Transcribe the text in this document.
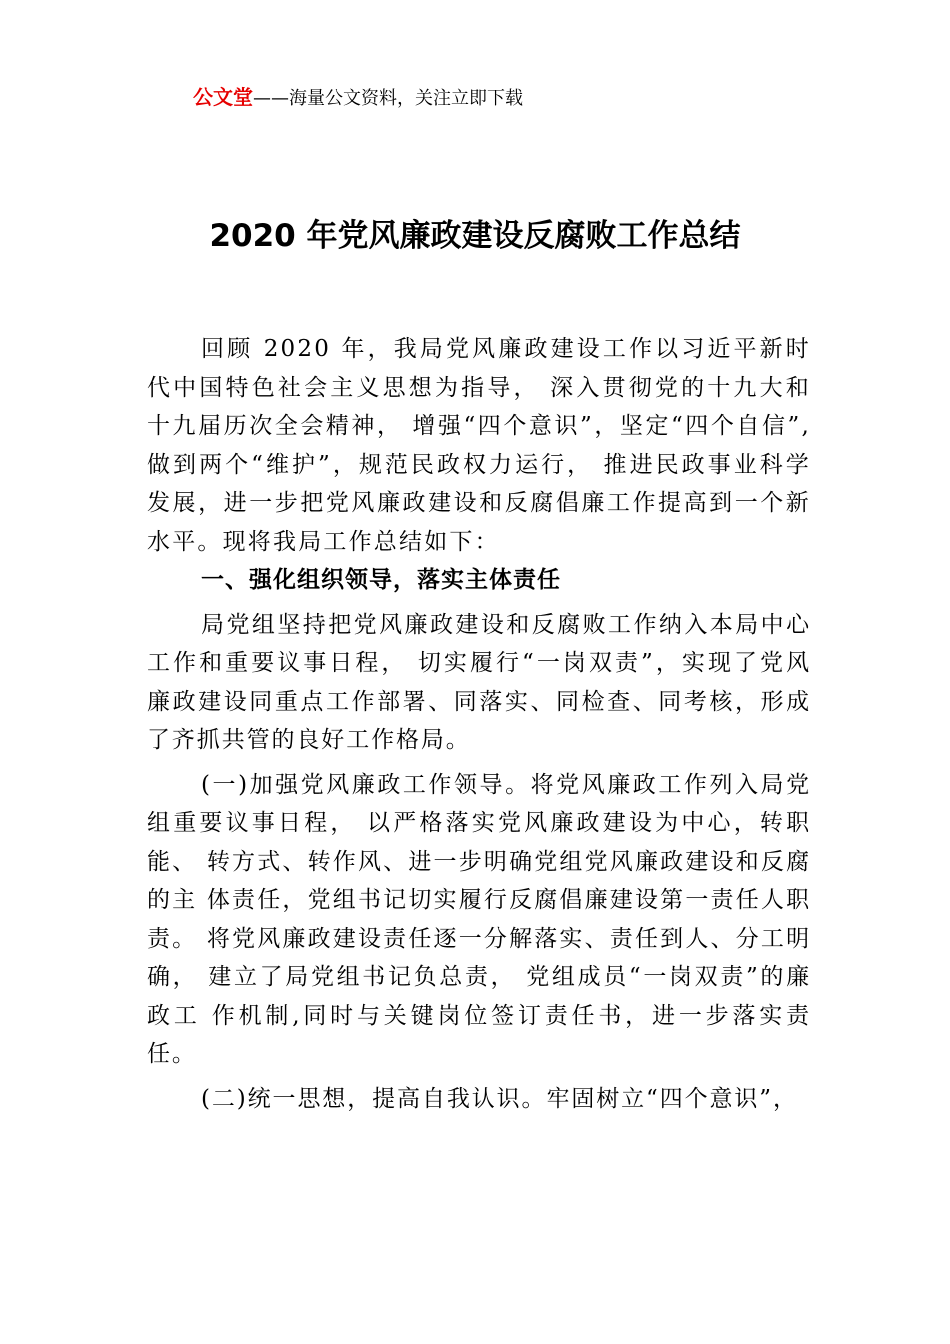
公文堂——海量公文资料，关注立即下载
2020 年党风廉政建设反腐败工作总结

回顾 2020 年，我局党风廉政建设工作以习近平新时代中国特色社会主义思想为指导， 深入贯彻党的十九大和十九届历次全会精神， 增强“四个意识”，坚定“四个自信”,做到两个“维护”，规范民政权力运行， 推进民政事业科学发展，进一步把党风廉政建设和反腐倡廉工作提高到一个新水平。现将我局工作总结如下：

一、强化组织领导，落实主体责任

局党组坚持把党风廉政建设和反腐败工作纳入本局中心工作和重要议事日程， 切实履行“一岗双责”，实现了党风 廉政建设同重点工作部署、同落实、同检查、同考核，形成 了齐抓共管的良好工作格局。

(一)加强党风廉政工作领导。将党风廉政工作列入局党组重要议事日程， 以严格落实党风廉政建设为中心，转职能、 转方式、转作风、进一步明确党组党风廉政建设和反腐的主 体责任，党组书记切实履行反腐倡廉建设第一责任人职责。 将党风廉政建设责任逐一分解落实、责任到人、分工明确， 建立了局党组书记负总责， 党组成员“一岗双责”的廉政工 作机制,同时与关键岗位签订责任书，进一步落实责任。

(二)统一思想，提高自我认识。牢固树立“四个意识”，
